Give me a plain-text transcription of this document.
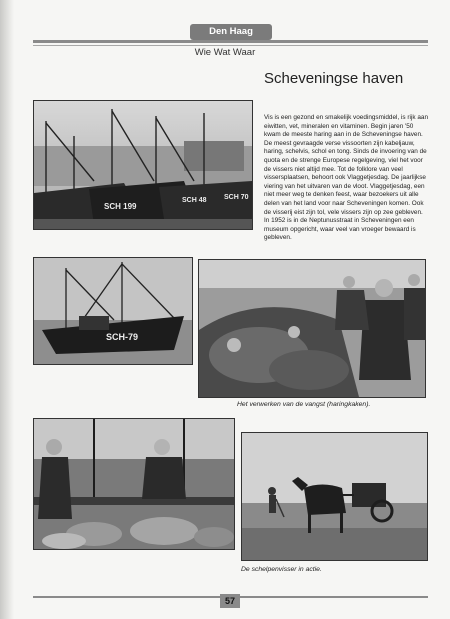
Den Haag
Wie Wat Waar
Scheveningse haven
Vis is een gezond en smakelijk voedingsmiddel, is rijk aan eiwitten, vet, mineralen en vitaminen. Begin jaren '50 kwam de meeste haring aan in de Scheveningse haven. De meest gevraagde verse vissoorten zijn kabeljauw, haring, schelvis, schol en tong. Sinds de invoering van de quota en de strenge Europese regelgeving, viel het voor de vissers niet altijd mee. Tot de folklore van veel vissersplaatsen, behoort ook Vlaggetjesdag. De jaarlijkse viering van het uitvaren van de vloot. Vlaggetjesdag, een niet meer weg te denken feest, waar bezoekers uit alle delen van het land voor naar Scheveningen komen. Ook de visserij eist zijn tol, vele vissers zijn op zee gebleven. In 1952 is in de Neptunusstraat in Scheveningen een museum opgericht, waar veel van vroeger bewaard is gebleven.
SCH 199
SCH 70
SCH 48
SCH-79
Het verwerken van de vangst (haringkaken).
De schelpenvisser in actie.
57
